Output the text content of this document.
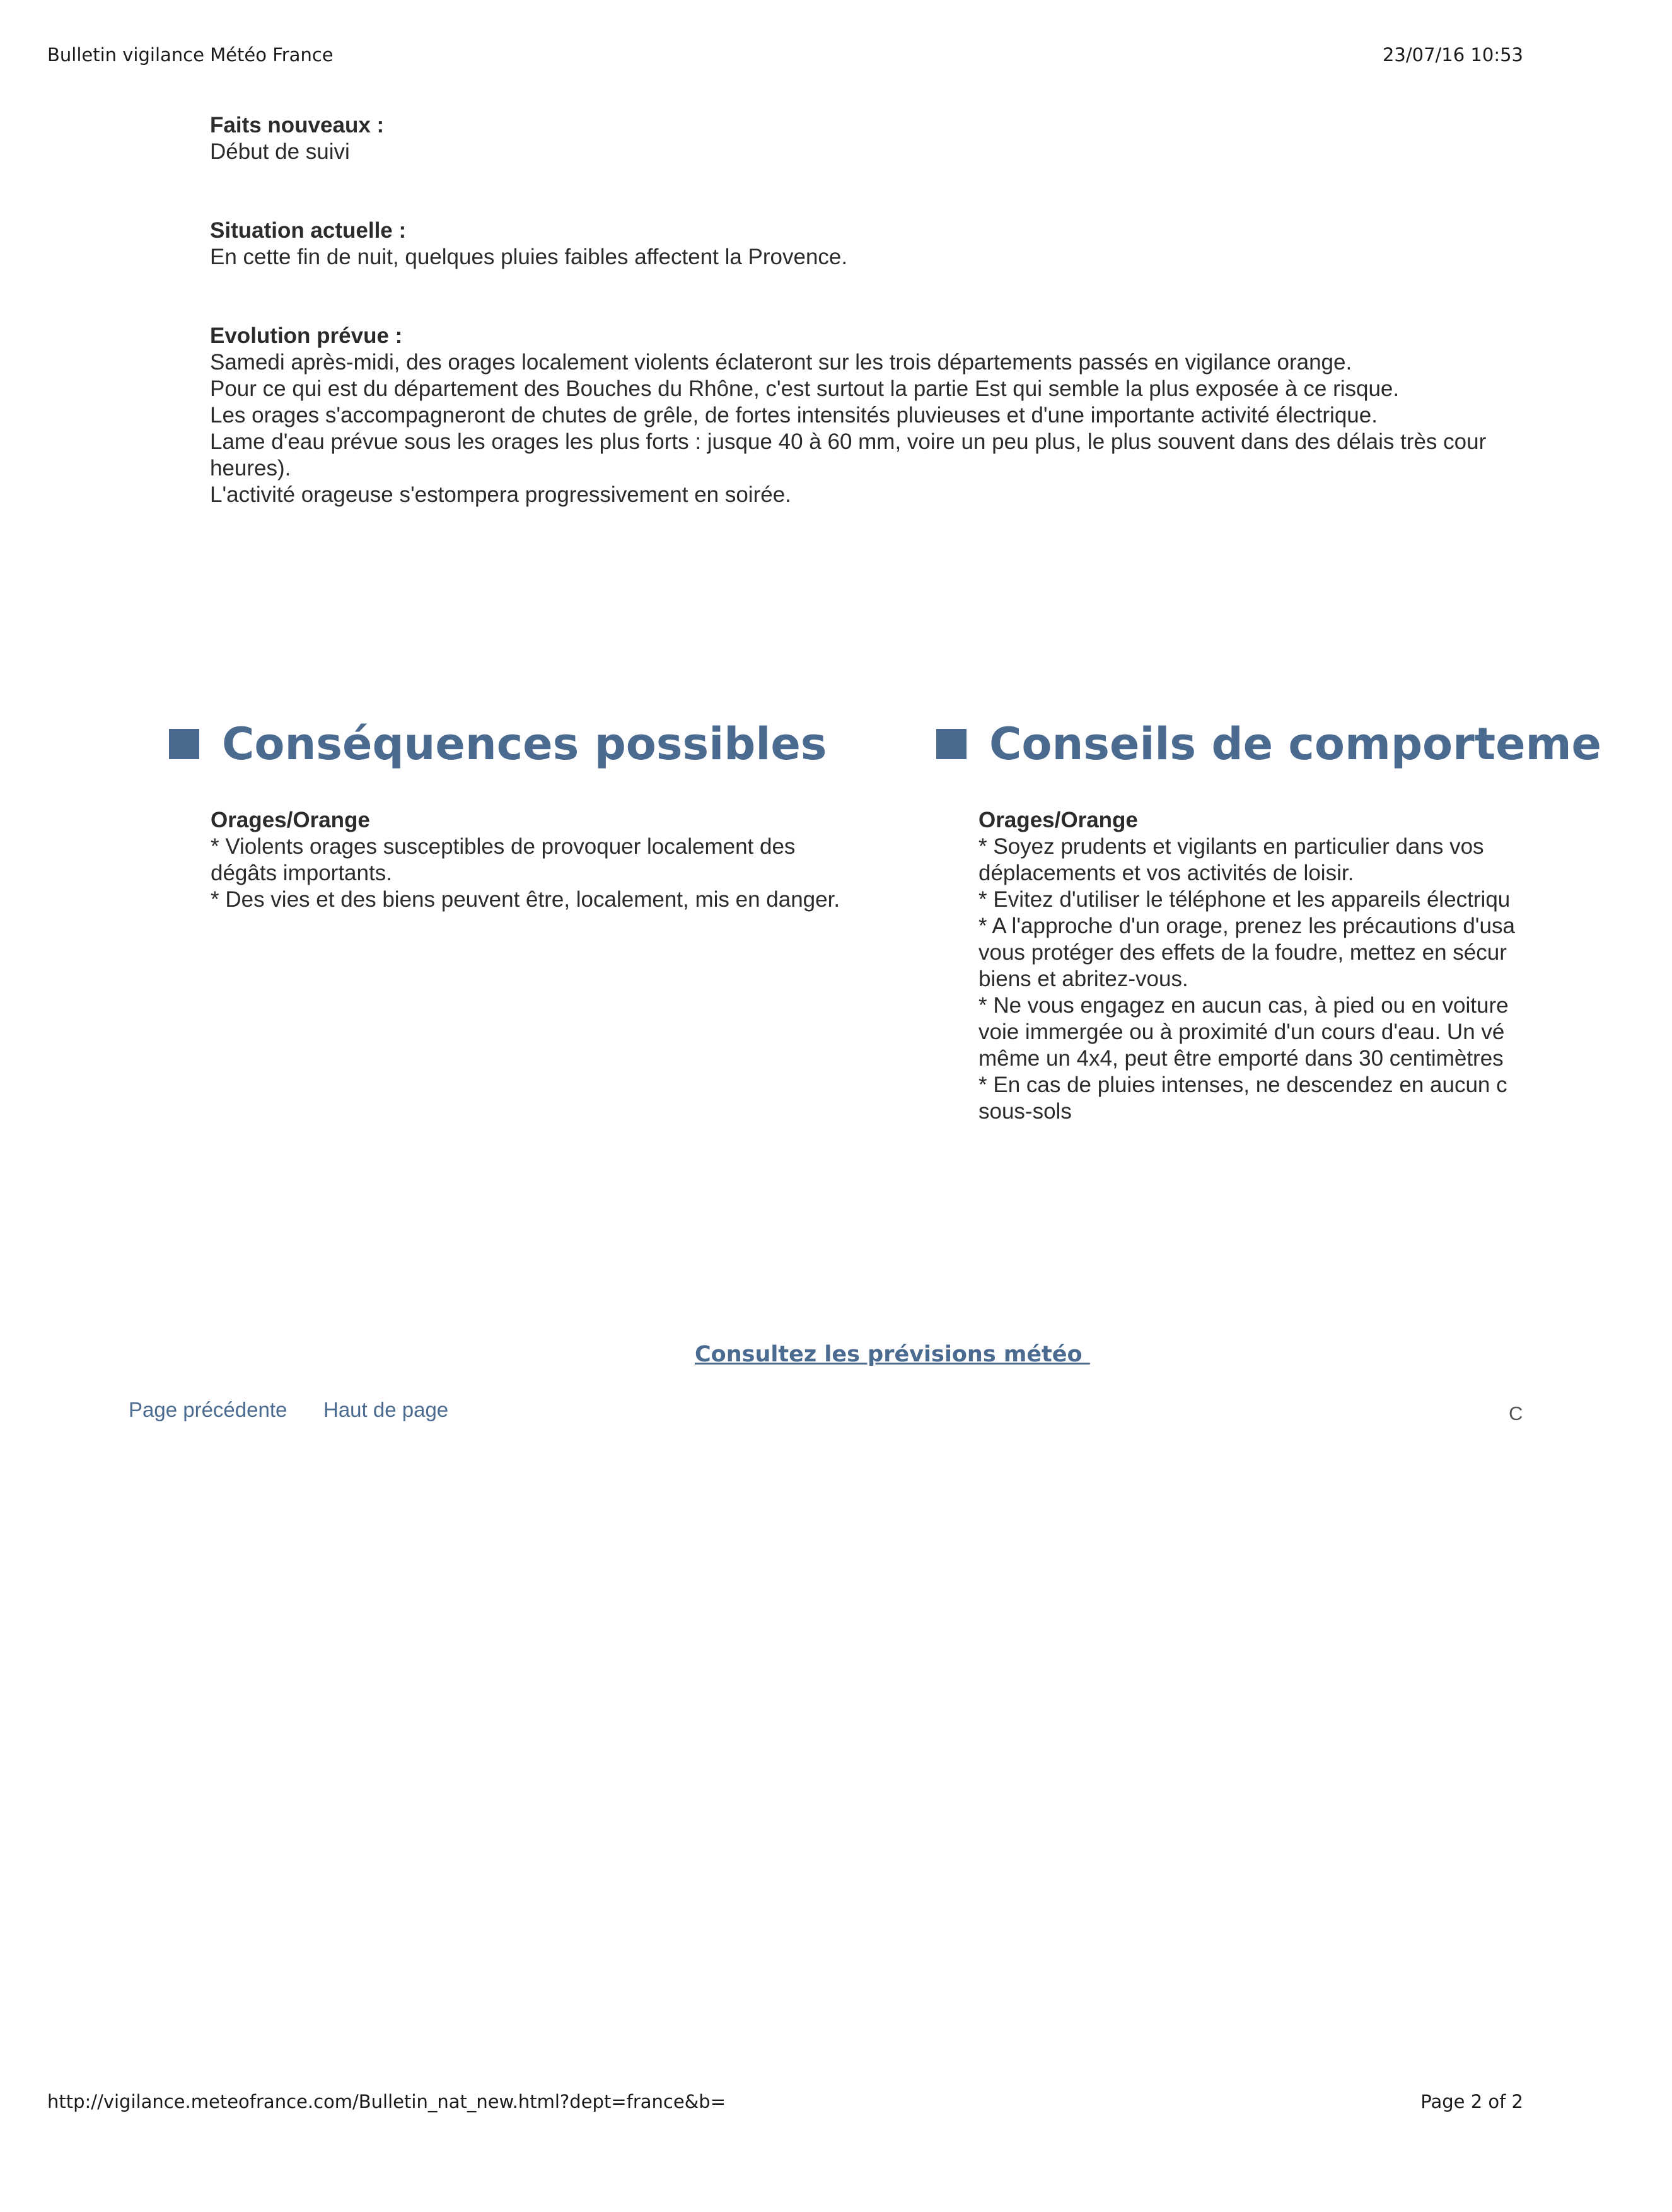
Bulletin vigilance Météo France	23/07/16 10:53
Faits nouveaux :
Début de suivi
Situation actuelle :
En cette fin de nuit, quelques pluies faibles affectent la Provence.
Evolution prévue :
Samedi après-midi, des orages localement violents éclateront sur les trois départements passés en vigilance orange.
Pour ce qui est du département des Bouches du Rhône, c'est surtout la partie Est qui semble la plus exposée à ce risque.
Les orages s'accompagneront de chutes de grêle, de fortes intensités pluvieuses et d'une importante activité électrique.
Lame d'eau prévue sous les orages les plus forts : jusque 40 à 60 mm, voire un peu plus, le plus souvent dans des délais très cour
heures).
L'activité orageuse s'estompera progressivement en soirée.
Conséquences possibles	Conseils de comporteme
Orages/Orange
* Violents orages susceptibles de provoquer localement des
dégâts importants.
* Des vies et des biens peuvent être, localement, mis en danger.
Orages/Orange
* Soyez prudents et vigilants en particulier dans vos
déplacements et vos activités de loisir.
* Evitez d'utiliser le téléphone et les appareils électriqu
* A l'approche d'un orage, prenez les précautions d'usa
vous protéger des effets de la foudre, mettez en sécur
biens et abritez-vous.
* Ne vous engagez en aucun cas, à pied ou en voiture
voie immergée ou à proximité d'un cours d'eau. Un vé
même un 4x4, peut être emporté dans 30 centimètres
* En cas de pluies intenses, ne descendez en aucun c
sous-sols
Consultez les prévisions météo
Page précédente Haut de page	C
http://vigilance.meteofrance.com/Bulletin_nat_new.html?dept=france&b=	Page 2 of 2
